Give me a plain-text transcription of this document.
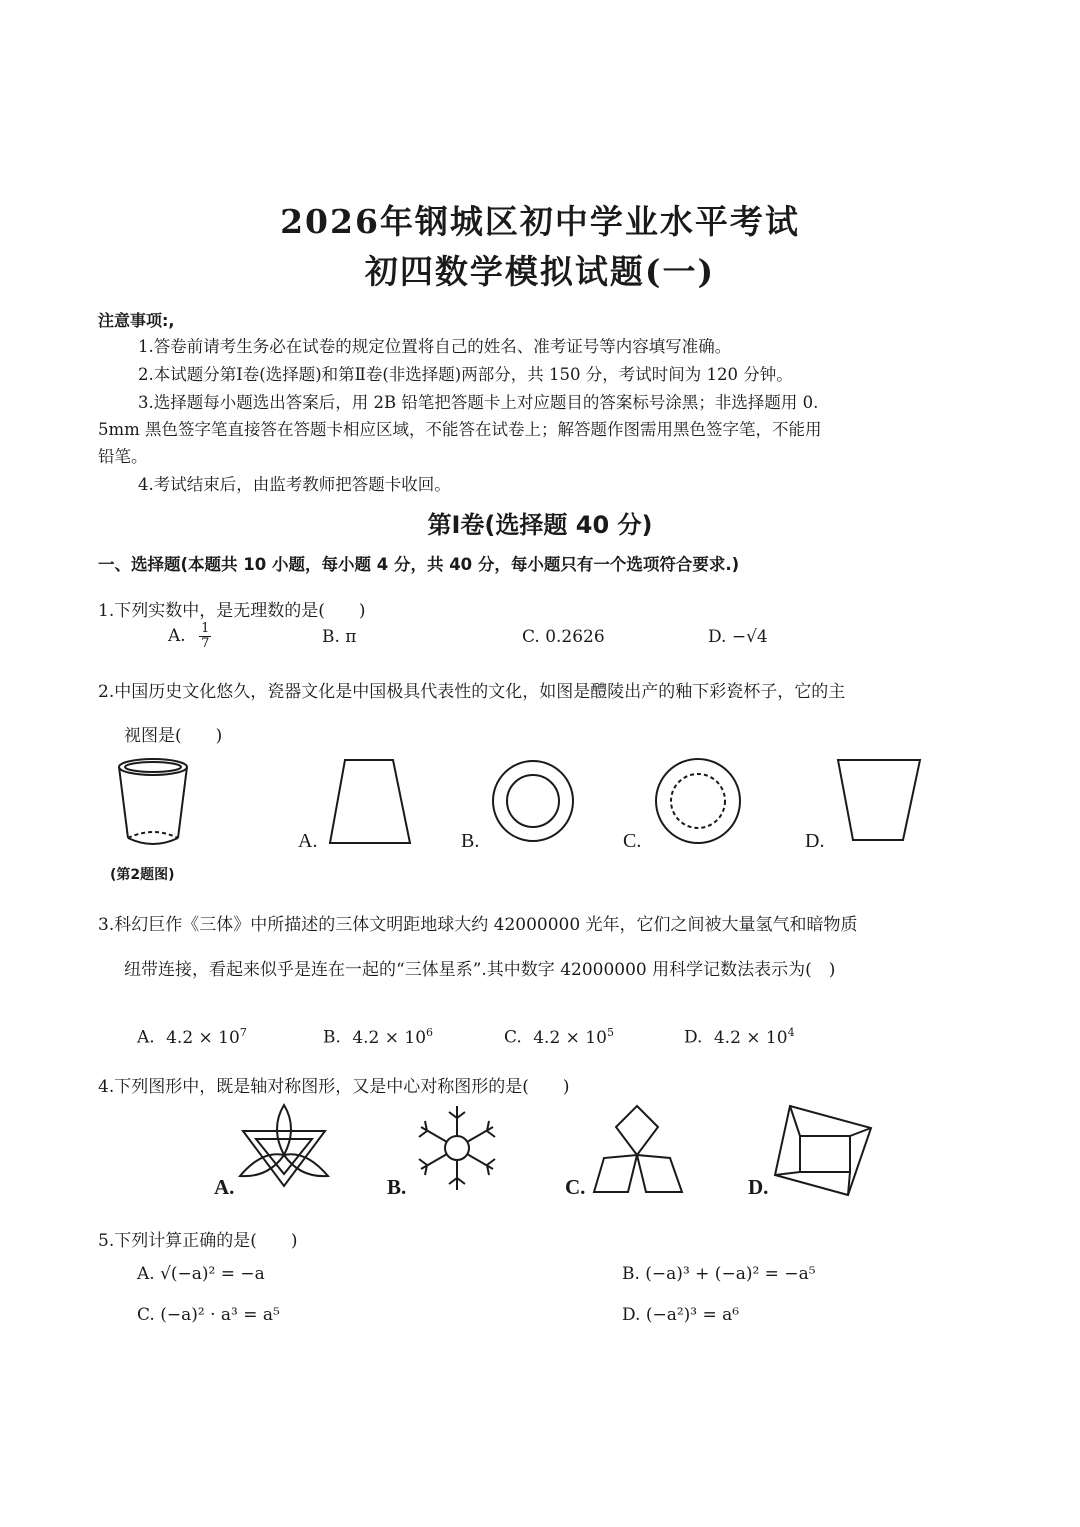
2026年钢城区初中学业水平考试
初四数学模拟试题(一)
注意事项:,
1.答卷前请考生务必在试卷的规定位置将自己的姓名、准考证号等内容填写准确。
2.本试题分第Ⅰ卷(选择题)和第Ⅱ卷(非选择题)两部分，共 150 分，考试时间为 120 分钟。
3.选择题每小题选出答案后，用 2B 铅笔把答题卡上对应题目的答案标号涂黑；非选择题用 0.
5mm 黑色签字笔直接答在答题卡相应区域，不能答在试卷上；解答题作图需用黑色签字笔，不能用
铅笔。
4.考试结束后，由监考教师把答题卡收回。
第Ⅰ卷(选择题 40 分)
一、选择题(本题共 10 小题，每小题 4 分，共 40 分，每小题只有一个选项符合要求.)
1.下列实数中，是无理数的是(　　)
A. $\frac{1}{7}$	B. π	C. 0.2626	D. −√4
2.中国历史文化悠久，瓷器文化是中国极具代表性的文化，如图是醴陵出产的釉下彩瓷杯子，它的主
视图是(　　)
A.	B.	C.	D.
(第2题图)
3.科幻巨作《三体》中所描述的三体文明距地球大约 42000000 光年，它们之间被大量氢气和暗物质
纽带连接，看起来似乎是连在一起的“三体星系”.其中数字 42000000 用科学记数法表示为(　)
A. $4.2 \times 10^7$	B. $4.2 \times 10^6$	C. $4.2 \times 10^5$	D. $4.2 \times 10^4$
4.下列图形中，既是轴对称图形，又是中心对称图形的是(　　)
A.	B.	C.	D.
5.下列计算正确的是(　　)
A. √(−a)² = −a	B. (−a)³ + (−a)² = −a⁵
C. (−a)² · a³ = a⁵	D. (−a²)³ = a⁶
